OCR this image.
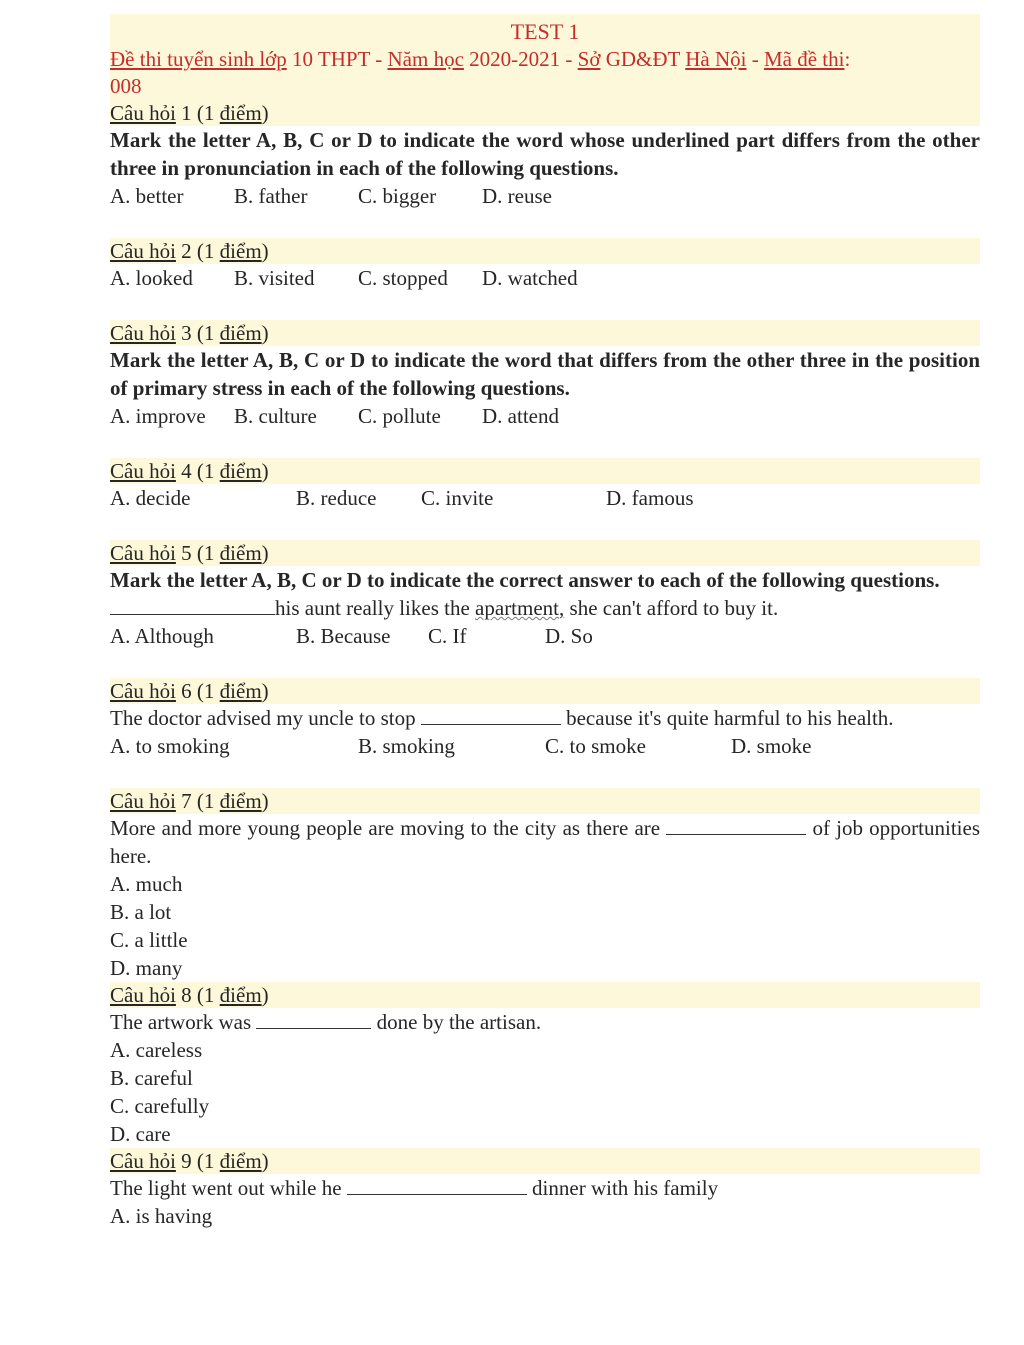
TEST 1
Đề thi tuyển sinh lớp 10 THPT - Năm học 2020-2021 - Sở GD&ĐT Hà Nội - Mã đề thi:
008
Câu hỏi 1 (1 điểm)
Mark the letter A, B, C or D to indicate the word whose underlined part differs from the other three in pronunciation in each of the following questions.
A. better B. father C. bigger D. reuse
Câu hỏi 2 (1 điểm)
A. looked B. visited C. stopped D. watched
Câu hỏi 3 (1 điểm)
Mark the letter A, B, C or D to indicate the word that differs from the other three in the position of primary stress in each of the following questions.
A. improve B. culture C. pollute D. attend
Câu hỏi 4 (1 điểm)
A. decide	B. reduce C. invite	D. famous
Câu hỏi 5 (1 điểm)
Mark the letter A, B, C or D to indicate the correct answer to each of the following questions.
his aunt really likes the apartment, she can't afford to buy it.
A. Although	B. Because C. If	D. So
Câu hỏi 6 (1 điểm)
The doctor advised my uncle to stop	because it's quite harmful to his health.
A. to smoking	B. smoking	C. to smoke	D. smoke
Câu hỏi 7 (1 điểm)
More and more young people are moving to the city as there are	of job opportunities here.
A. much
B. a lot
C. a little
D. many
Câu hỏi 8 (1 điểm)
The artwork was	done by the artisan.
A. careless
B. careful
C. carefully
D. care
Câu hỏi 9 (1 điểm)
The light went out while he	dinner with his family
A. is having
